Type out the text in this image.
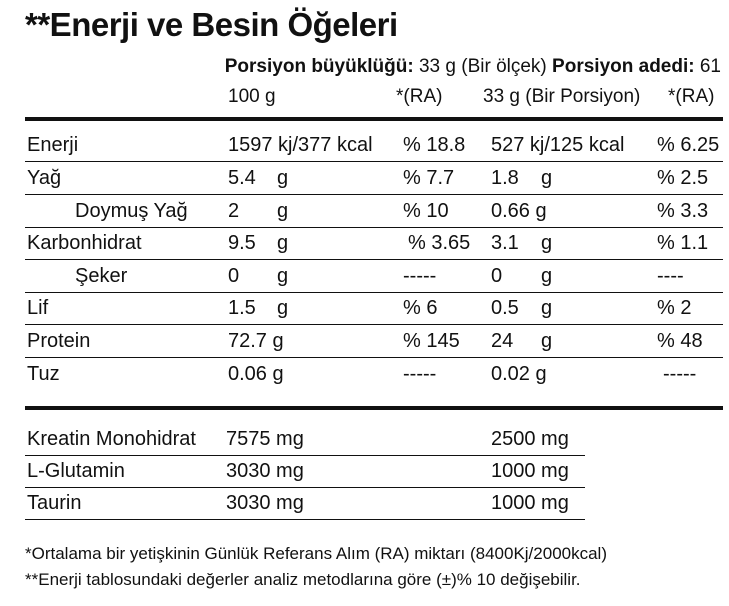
**Enerji ve Besin Öğeleri
Porsiyon büyüklüğü: 33 g (Bir ölçek) Porsiyon adedi: 61
100 g	*(RA) 33 g (Bir Porsiyon) *(RA)
Enerji	1597 kj/377 kcal % 18.8 527 kj/125 kcal % 6.25
Yağ	5.4 g	% 7.7 1.8 g	% 2.5
Doymuş Yağ 2 g	% 10 0.66 g	% 3.3
Karbonhidrat	9.5 g	% 3.65 3.1 g	% 1.1
Şeker	0 g	-----	0 g	----
Lif	1.5 g	% 6	0.5 g	% 2
Protein	72.7 g	% 145 24 g	% 48
Tuz	0.06 g	-----	0.02 g	-----
Kreatin Monohidrat 7575 mg	2500 mg
L-Glutamin	3030 mg	1000 mg
Taurin	3030 mg	1000 mg
*Ortalama bir yetişkinin Günlük Referans Alım (RA) miktarı (8400Kj/2000kcal)
**Enerji tablosundaki değerler analiz metodlarına göre (±)% 10 değişebilir.
